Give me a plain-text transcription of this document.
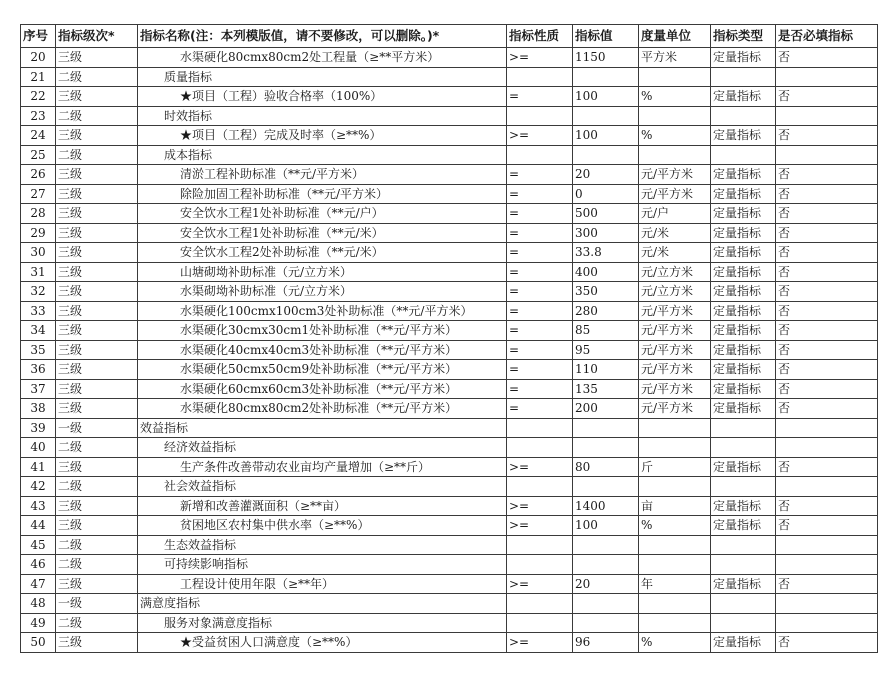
序号	指标级次*	指标名称(注：本列模版值，请不要修改，可以删除。)*	指标性质	指标值	度量单位	指标类型	是否必填指标
20	三级	水渠硬化80cmx80cm2处工程量（≥**平方米）	>=	1150	平方米	定量指标	否
21	二级	质量指标					
22	三级	★项目（工程）验收合格率（100%）	=	100	%	定量指标	否
23	二级	时效指标					
24	三级	★项目（工程）完成及时率（≥**%）	>=	100	%	定量指标	否
25	二级	成本指标					
26	三级	清淤工程补助标准（**元/平方米）	=	20	元/平方米	定量指标	否
27	三级	除险加固工程补助标准（**元/平方米）	=	0	元/平方米	定量指标	否
28	三级	安全饮水工程1处补助标准（**元/户）	=	500	元/户	定量指标	否
29	三级	安全饮水工程1处补助标准（**元/米）	=	300	元/米	定量指标	否
30	三级	安全饮水工程2处补助标准（**元/米）	=	33.8	元/米	定量指标	否
31	三级	山塘砌坳补助标准（元/立方米）	=	400	元/立方米	定量指标	否
32	三级	水渠砌坳补助标准（元/立方米）	=	350	元/立方米	定量指标	否
33	三级	水渠硬化100cmx100cm3处补助标准（**元/平方米）	=	280	元/平方米	定量指标	否
34	三级	水渠硬化30cmx30cm1处补助标准（**元/平方米）	=	85	元/平方米	定量指标	否
35	三级	水渠硬化40cmx40cm3处补助标准（**元/平方米）	=	95	元/平方米	定量指标	否
36	三级	水渠硬化50cmx50cm9处补助标准（**元/平方米）	=	110	元/平方米	定量指标	否
37	三级	水渠硬化60cmx60cm3处补助标准（**元/平方米）	=	135	元/平方米	定量指标	否
38	三级	水渠硬化80cmx80cm2处补助标准（**元/平方米）	=	200	元/平方米	定量指标	否
39	一级	效益指标					
40	二级	经济效益指标					
41	三级	生产条件改善带动农业亩均产量增加（≥**斤）	>=	80	斤	定量指标	否
42	二级	社会效益指标					
43	三级	新增和改善灌溉面积（≥**亩）	>=	1400	亩	定量指标	否
44	三级	贫困地区农村集中供水率（≥**%）	>=	100	%	定量指标	否
45	二级	生态效益指标					
46	二级	可持续影响指标					
47	三级	工程设计使用年限（≥**年）	>=	20	年	定量指标	否
48	一级	满意度指标					
49	二级	服务对象满意度指标					
50	三级	★受益贫困人口满意度（≥**%）	>=	96	%	定量指标	否
